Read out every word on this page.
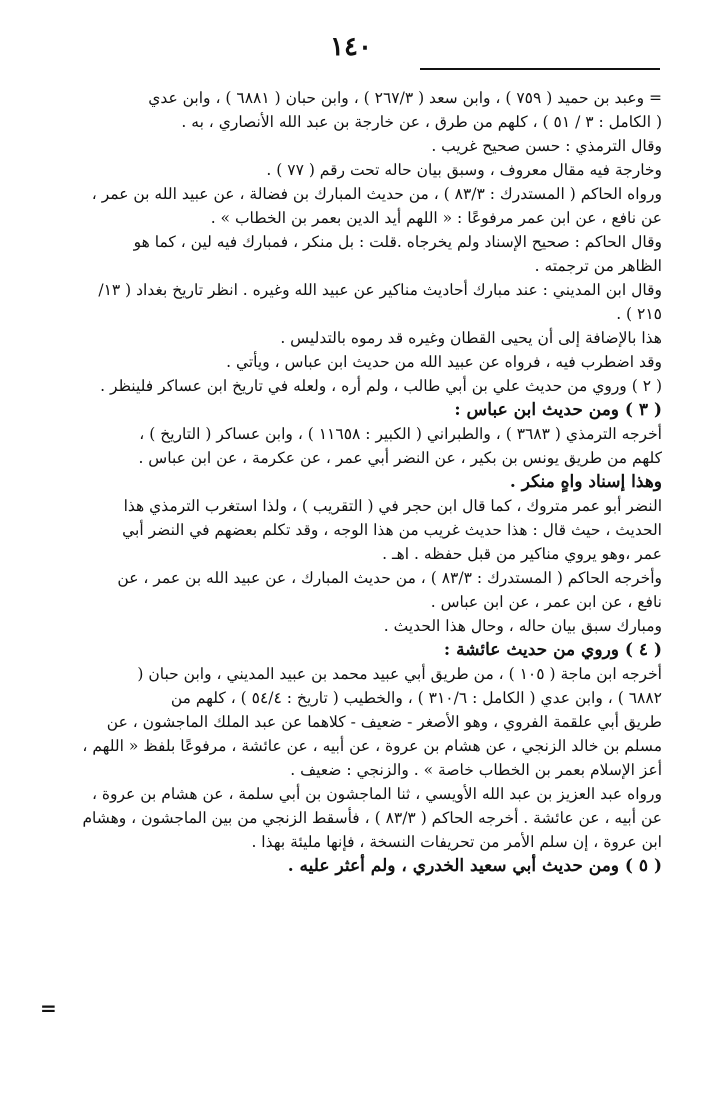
١٤٠

= وعبد بن حميد ( ٧٥٩ ) ، وابن سعد ( ٢٦٧/٣ ) ، وابن حبان ( ٦٨٨١ ) ، وابن عدي

( الكامل : ٣ / ٥١ ) ، كلهم من طرق ، عن خارجة بن عبد الله الأنصاري ، به .

وقال الترمذي : حسن صحيح غريب .

وخارجة فيه مقال معروف ، وسبق بيان حاله تحت رقم ( ٧٧ ) .

ورواه الحاكم ( المستدرك : ٨٣/٣ ) ، من حديث المبارك بن فضالة ، عن عبيد الله بن عمر ،

عن نافع ، عن ابن عمر مرفوعًا : « اللهم أيد الدين بعمر بن الخطاب » .

وقال الحاكم : صحيح الإسناد ولم يخرجاه .قلت : بل منكر ، فمبارك فيه لين ، كما هو

الظاهر من ترجمته .

وقال ابن المديني : عند مبارك أحاديث مناكير عن عبيد الله وغيره . انظر تاريخ بغداد ( ١٣/

٢١٥ ) .

هذا بالإضافة إلى أن يحيى القطان وغيره قد رموه بالتدليس .

وقد اضطرب فيه ، فرواه عن عبيد الله من حديث ابن عباس ، ويأتي .

( ٢ ) وروي من حديث علي بن أبي طالب ، ولم أره ، ولعله في تاريخ ابن عساكر فلينظر .

( ٣ ) ومن حديث ابن عباس :

أخرجه الترمذي ( ٣٦٨٣ ) ، والطبراني ( الكبير : ١١٦٥٨ ) ، وابن عساكر ( التاريخ ) ،

كلهم من طريق يونس بن بكير ، عن النضر أبي عمر ، عن عكرمة ، عن ابن عباس .

وهذا إسناد واهٍ منكر .

النضر أبو عمر متروك ، كما قال ابن حجر في ( التقريب ) ، ولذا استغرب الترمذي هذا

الحديث ، حيث قال : هذا حديث غريب من هذا الوجه ، وقد تكلم بعضهم في النضر أبي

عمر ،وهو يروي مناكير من قبل حفظه . اهـ .

وأخرجه الحاكم ( المستدرك : ٨٣/٣ ) ، من حديث المبارك ، عن عبيد الله بن عمر ، عن

نافع ، عن ابن عمر ، عن ابن عباس .

ومبارك سبق بيان حاله ، وحال هذا الحديث .

( ٤ ) وروي من حديث عائشة :

أخرجه ابن ماجة ( ١٠٥ ) ، من طريق أبي عبيد محمد بن عبيد المديني ، وابن حبان (

٦٨٨٢ ) ، وابن عدي ( الكامل : ٣١٠/٦ ) ، والخطيب ( تاريخ : ٥٤/٤ ) ، كلهم من

طريق أبي علقمة الفروي ، وهو الأصغر - ضعيف - كلاهما عن عبد الملك الماجشون ، عن

مسلم بن خالد الزنجي ، عن هشام بن عروة ، عن أبيه ، عن عائشة ، مرفوعًا بلفظ « اللهم ،

أعز الإسلام بعمر بن الخطاب خاصة » . والزنجي : ضعيف .

ورواه عبد العزيز بن عبد الله الأويسي ، ثنا الماجشون بن أبي سلمة ، عن هشام بن عروة ،

عن أبيه ، عن عائشة . أخرجه الحاكم ( ٨٣/٣ ) ، فأسقط الزنجي من بين الماجشون ، وهشام

ابن عروة ، إن سلم الأمر من تحريفات النسخة ، فإنها مليئة بهذا .

( ٥ ) ومن حديث أبي سعيد الخدري ، ولم أعثر عليه .

=
